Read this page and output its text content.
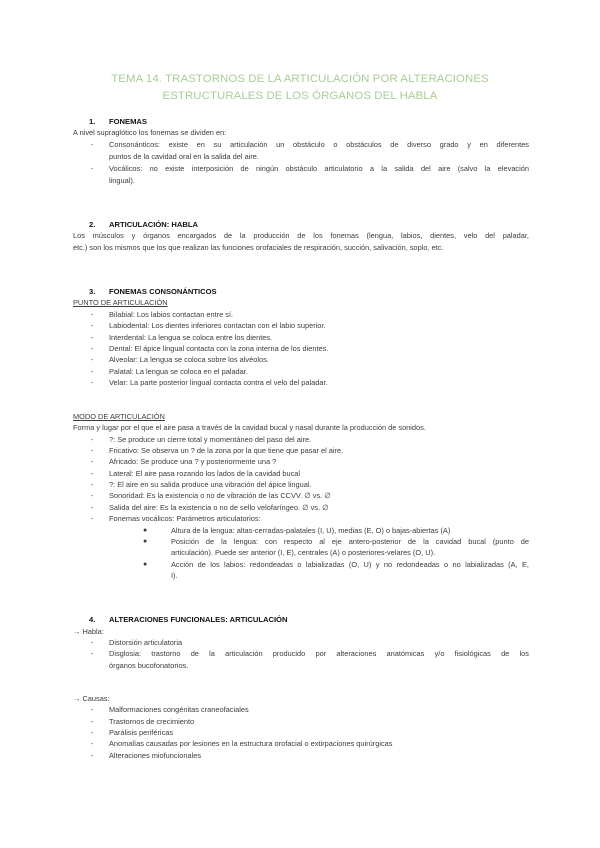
TEMA 14. TRASTORNOS DE LA ARTICULACIÓN POR ALTERACIONES
ESTRUCTURALES DE LOS ÓRGANOS DEL HABLA
1. FONEMAS
A nivel supraglótico los fonemas se dividen en:
- Consonánticos: existe en su articulación un obstáculo o obstáculos de diverso grado y en diferentes
puntos de la cavidad oral en la salida del aire.
- Vocálicos: no existe interposición de ningún obstáculo articulatorio a la salida del aire (salvo la elevación
lingual).
2. ARTICULACIÓN: HABLA
Los músculos y órganos encargados de la producción de los fonemas (lengua, labios, dientes, velo del paladar,
etc.) son los mismos que los que realizan las funciones orofaciales de respiración, succión, salivación, soplo, etc.
3. FONEMAS CONSONÁNTICOS
PUNTO DE ARTICULACIÓN
- Bilabial: Los labios contactan entre sí.
- Labiodental: Los dientes inferiores contactan con el labio superior.
- Interdental: La lengua se coloca entre los dientes.
- Dental: El ápice lingual contacta con la zona interna de los dientes.
- Alveolar: La lengua se coloca sobre los alvéolos.
- Palatal: La lengua se coloca en el paladar.
- Velar: La parte posterior lingual contacta contra el velo del paladar.
MODO DE ARTICULACIÓN
Forma y lugar por el que el aire pasa a través de la cavidad bucal y nasal durante la producción de sonidos.
- ?: Se produce un cierre total y momentáneo del paso del aire.
- Fricativo: Se observa un ? de la zona por la que tiene que pasar el aire.
- Africado: Se produce una ? y posteriormente una ?
- Lateral: El aire pasa rozando los lados de la cavidad bucal
- ?: El aire en su salida produce una vibración del ápice lingual.
- Sonoridad: Es la existencia o no de vibración de las CCVV. ∅ vs. ∅
- Salida del aire: Es la existencia o no de sello velofaríngeo. ∅ vs. ∅
- Fonemas vocálicos: Parámetros articulatorios:
●	Altura de la lengua: altas-cerradas-palatales (I, U), medias (E, O) o bajas-abiertas (A)
●	Posición de la lengua: con respecto al eje antero-posterior de la cavidad bucal (punto de
articulación). Puede ser anterior (I, E), centrales (A) o posteriores-velares (O, U).
●	Acción de los labios: redondeadas o labializadas (O, U) y no redondeadas o no labializadas (A, E,
I).
4. ALTERACIONES FUNCIONALES: ARTICULACIÓN
→ Habla:
- Distorsión articulatoria
- Disglosia: trastorno de la articulación producido por alteraciones anatómicas y/o fisiológicas de los
órganos bucofonatorios.
→ Causas:
- Malformaciones congénitas craneofaciales
- Trastornos de crecimiento
- Parálisis periféricas
- Anomalías causadas por lesiones en la estructura orofacial o extirpaciones quirúrgicas
- Alteraciones miofuncionales
